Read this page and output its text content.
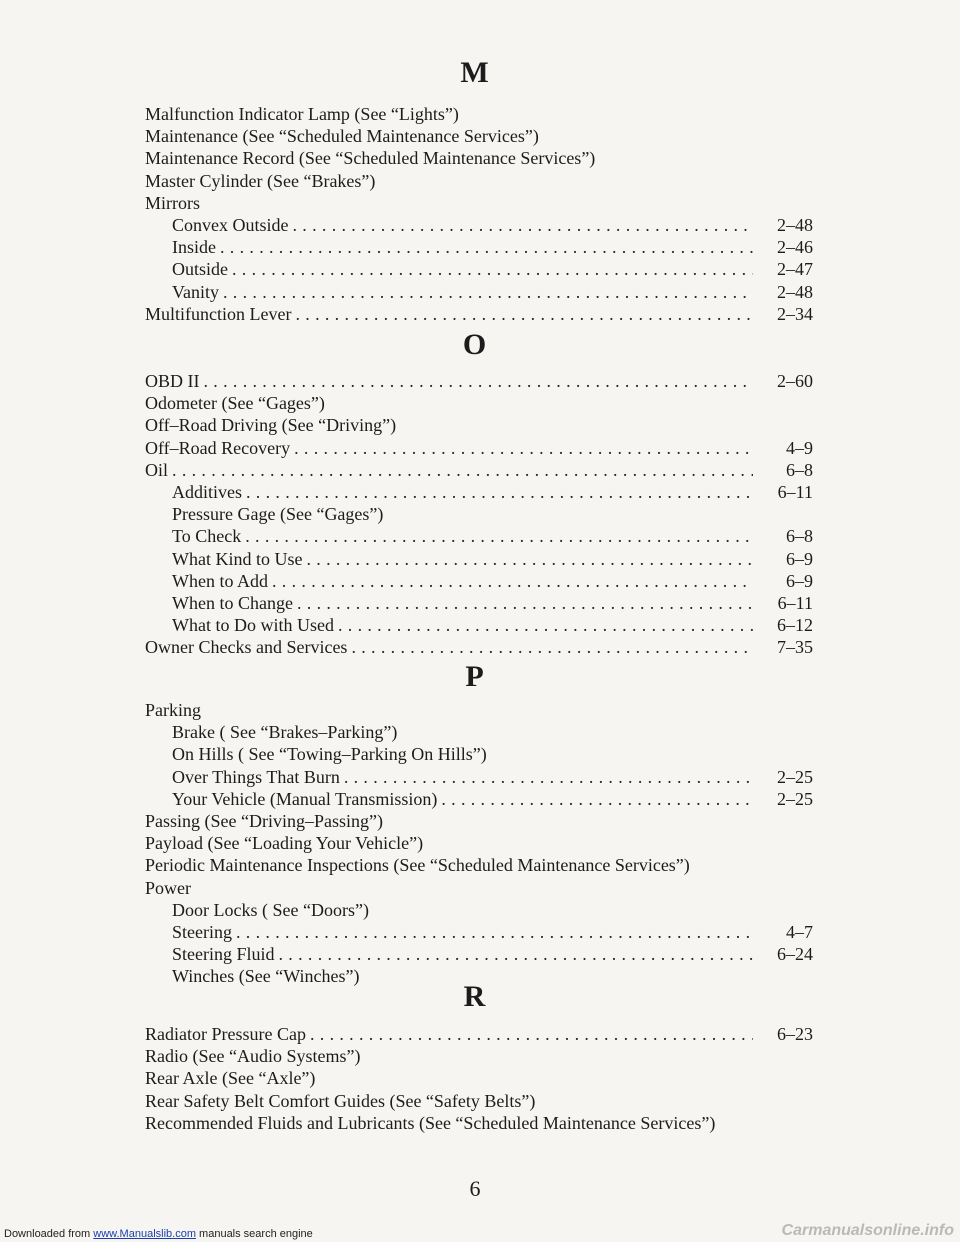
M
Malfunction Indicator Lamp (See “Lights”)
Maintenance (See “Scheduled Maintenance Services”)
Maintenance Record (See “Scheduled Maintenance Services”)
Master Cylinder (See “Brakes”)
Mirrors
Convex Outside . . .	2–48
Inside . . .	2–46
Outside . . .	2–47
Vanity . . .	2–48
Multifunction Lever . . .	2–34
O
OBD II . . .	2–60
Odometer (See “Gages”)
Off–Road Driving (See “Driving”)
Off–Road Recovery . . .	4–9
Oil . . .	6–8
Additives . . .	6–11
Pressure Gage (See “Gages”)
To Check . . .	6–8
What Kind to Use . . .	6–9
When to Add . . .	6–9
When to Change . . .	6–11
What to Do with Used . . .	6–12
Owner Checks and Services . . .	7–35
P
Parking
Brake ( See “Brakes–Parking”)
On Hills ( See “Towing–Parking On Hills”)
Over Things That Burn . . .	2–25
Your Vehicle (Manual Transmission) . . .	2–25
Passing (See “Driving–Passing”)
Payload (See “Loading Your Vehicle”)
Periodic Maintenance Inspections (See “Scheduled Maintenance Services”)
Power
Door Locks ( See “Doors”)
Steering . . .	4–7
Steering Fluid . . .	6–24
Winches (See “Winches”)
R
Radiator Pressure Cap . . .	6–23
Radio (See “Audio Systems”)
Rear Axle (See “Axle”)
Rear Safety Belt Comfort Guides (See “Safety Belts”)
Recommended Fluids and Lubricants (See “Scheduled Maintenance Services”)
6
Downloaded from www.Manualslib.com manuals search engine	Carmanualsonline.info
